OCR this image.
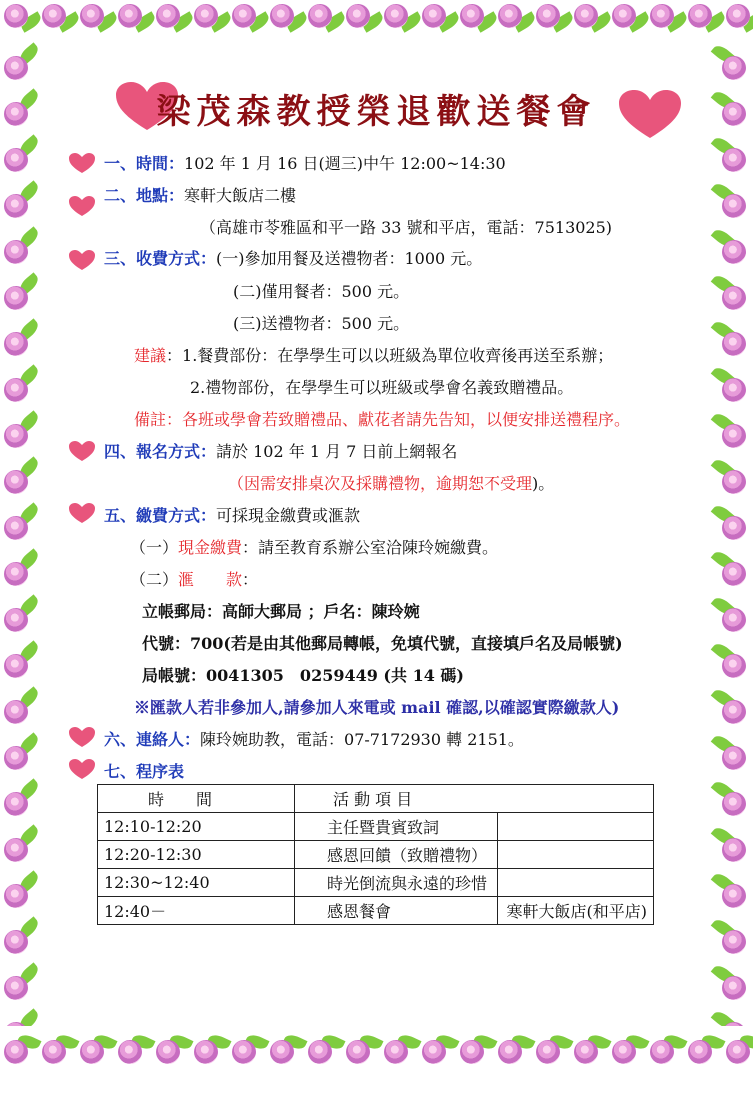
梁茂森教授榮退歡送餐會
一、時間：102 年 1 月 16 日(週三)中午 12:00~14:30
二、地點：寒軒大飯店二樓
（高雄市苓雅區和平一路 33 號和平店，電話：7513025)
三、收費方式：(一)參加用餐及送禮物者：1000 元。
(二)僅用餐者：500 元。
(三)送禮物者：500 元。
建議：1.餐費部份：在學學生可以以班級為單位收齊後再送至系辦；
2.禮物部份，在學學生可以班級或學會名義致贈禮品。
備註：各班或學會若致贈禮品、獻花者請先告知，以便安排送禮程序。
四、報名方式：請於 102 年 1 月 7 日前上網報名
（因需安排桌次及採購禮物，逾期恕不受理)。
五、繳費方式：可採現金繳費或滙款
（一）現金繳費：請至教育系辦公室洽陳玲婉繳費。
（二）滙　　款：
立帳郵局：高師大郵局 ；戶名：陳玲婉
代號：700(若是由其他郵局轉帳，免填代號，直接填戶名及局帳號)
局帳號：0041305　0259449 (共 14 碼)
※匯款人若非參加人,請參加人來電或 mail 確認,以確認實際繳款人)
六、連絡人：陳玲婉助教，電話：07-7172930 轉 2151。
七、程序表
時　　間	活 動 項 目	
12:10-12:20	主任暨貴賓致詞	
12:20-12:30	感恩回饋（致贈禮物）	
12:30~12:40	時光倒流與永遠的珍惜	
12:40－	感恩餐會	寒軒大飯店(和平店)
